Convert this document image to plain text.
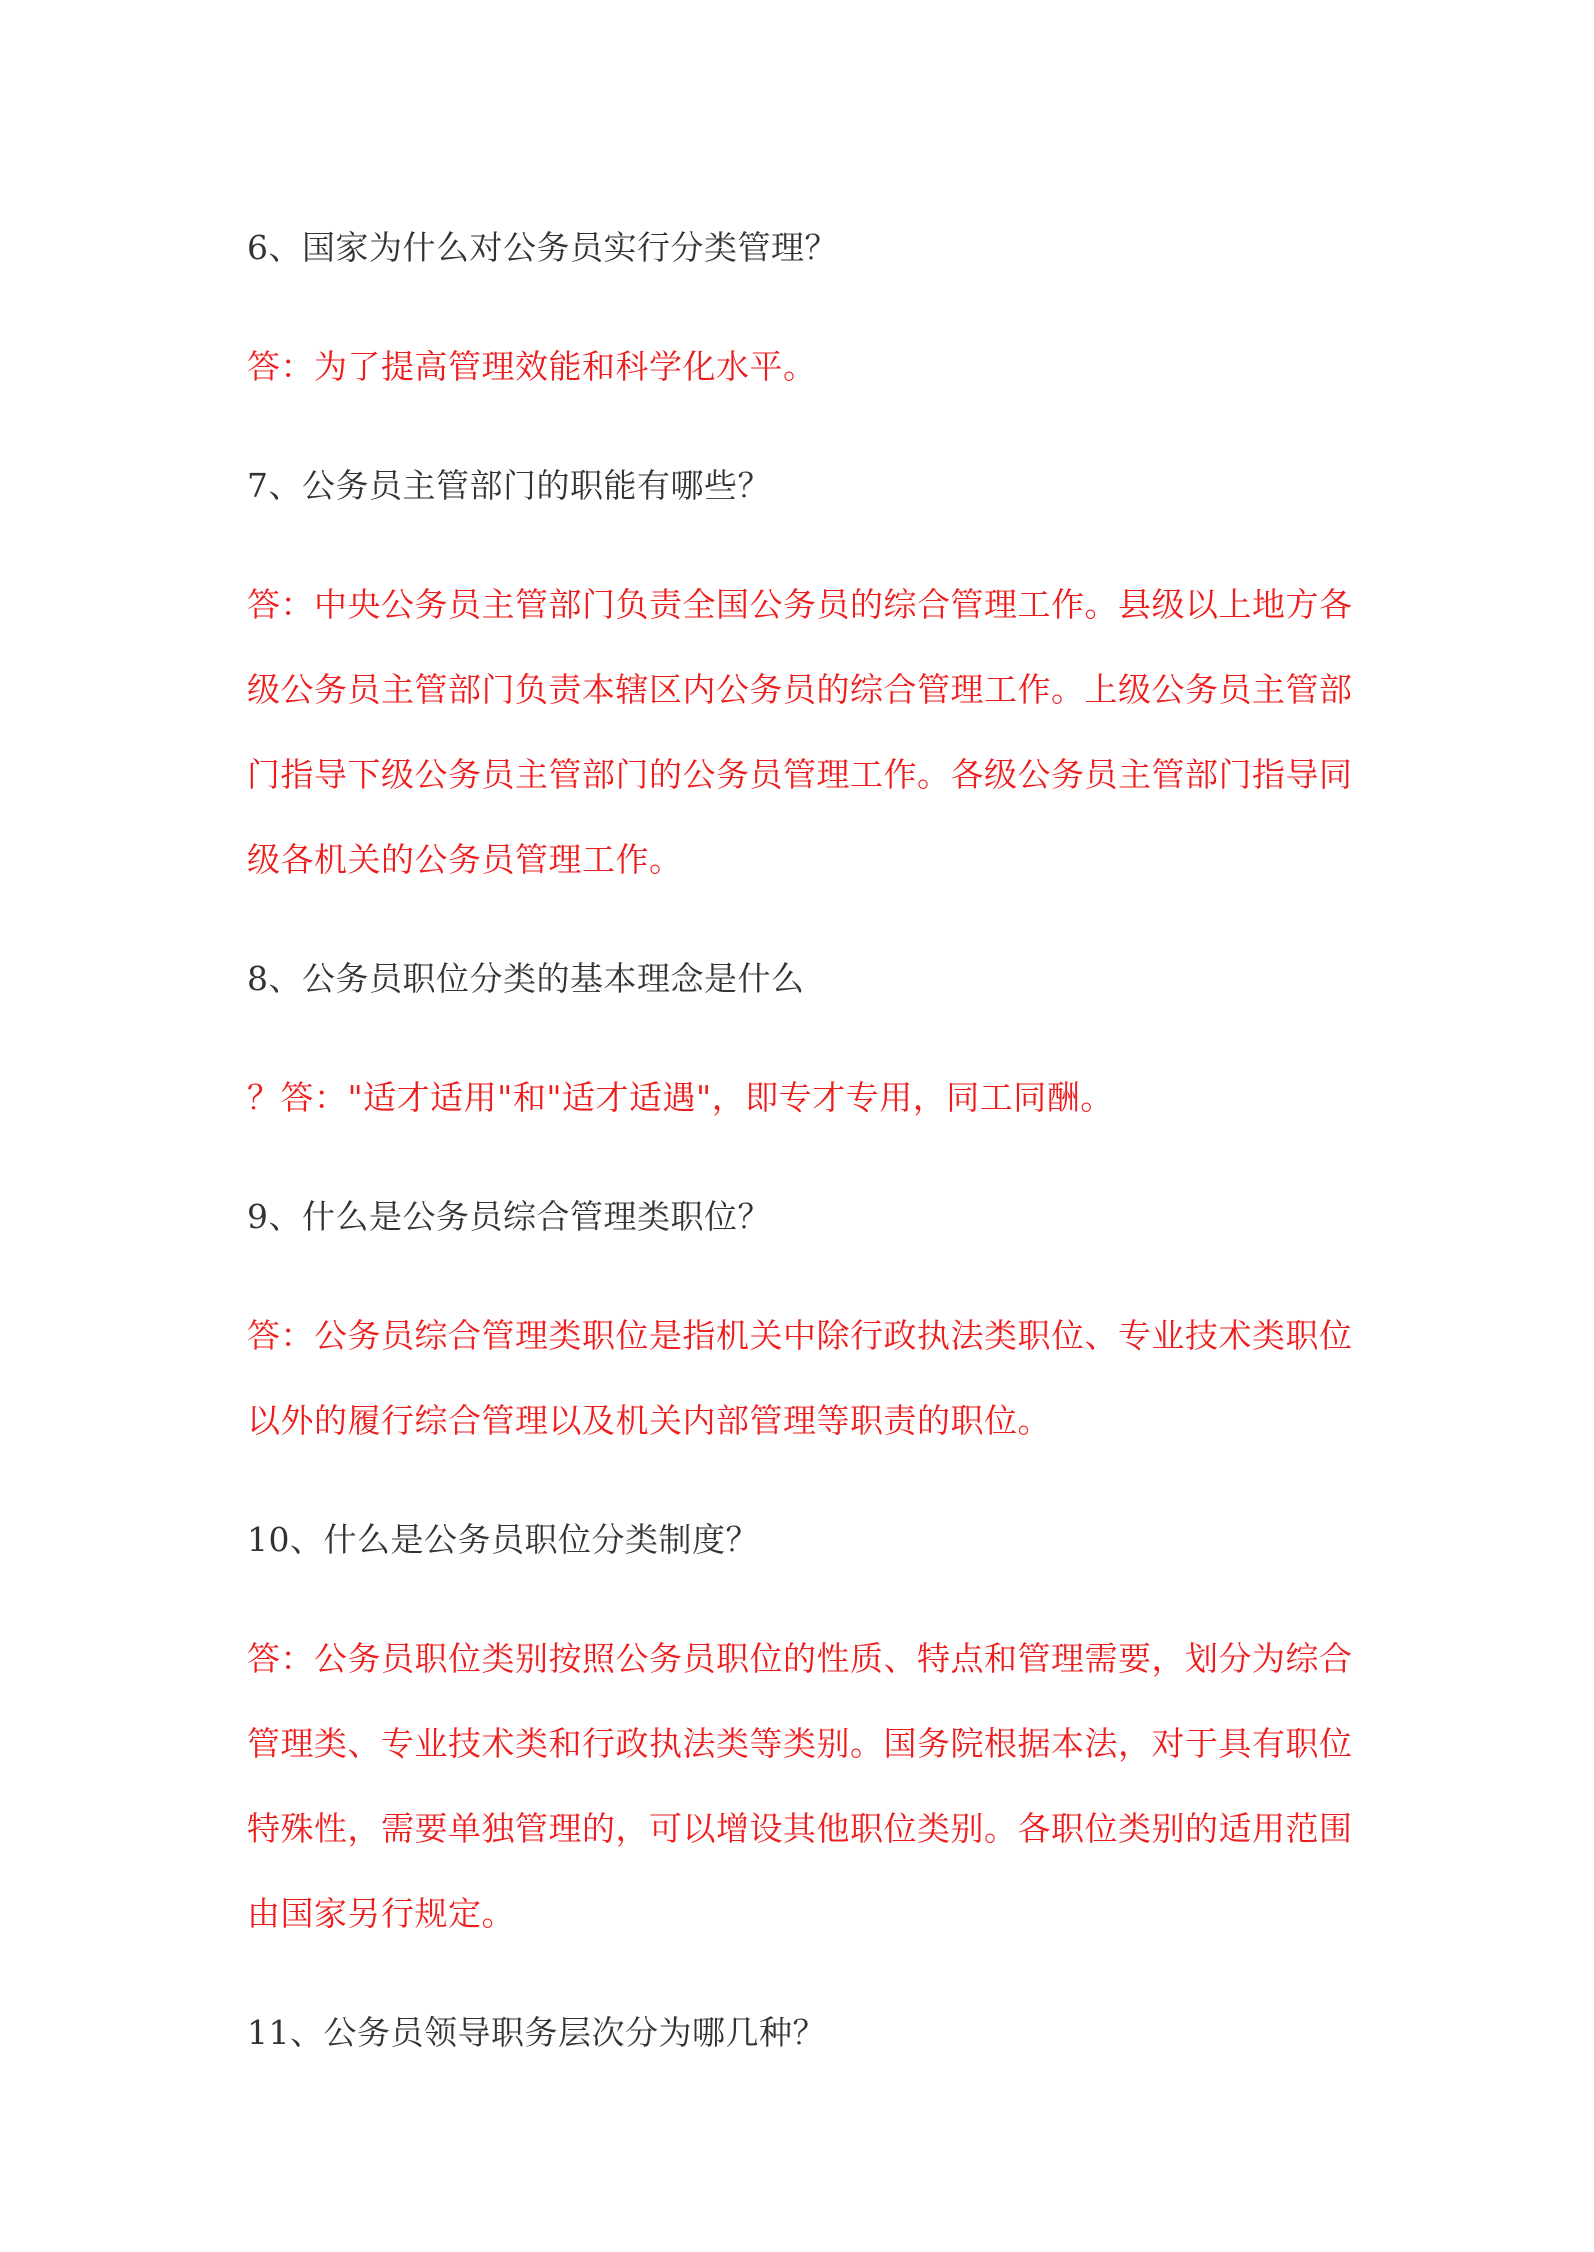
6、国家为什么对公务员实行分类管理？

答：为了提高管理效能和科学化水平。

7、公务员主管部门的职能有哪些？

答：中央公务员主管部门负责全国公务员的综合管理工作。县级以上地方各级公务员主管部门负责本辖区内公务员的综合管理工作。上级公务员主管部门指导下级公务员主管部门的公务员管理工作。各级公务员主管部门指导同级各机关的公务员管理工作。

8、公务员职位分类的基本理念是什么

？答："适才适用"和"适才适遇"，即专才专用，同工同酬。

9、什么是公务员综合管理类职位？

答：公务员综合管理类职位是指机关中除行政执法类职位、专业技术类职位以外的履行综合管理以及机关内部管理等职责的职位。

10、什么是公务员职位分类制度？

答：公务员职位类别按照公务员职位的性质、特点和管理需要，划分为综合管理类、专业技术类和行政执法类等类别。国务院根据本法，对于具有职位特殊性，需要单独管理的，可以增设其他职位类别。各职位类别的适用范围由国家另行规定。

11、公务员领导职务层次分为哪几种？
